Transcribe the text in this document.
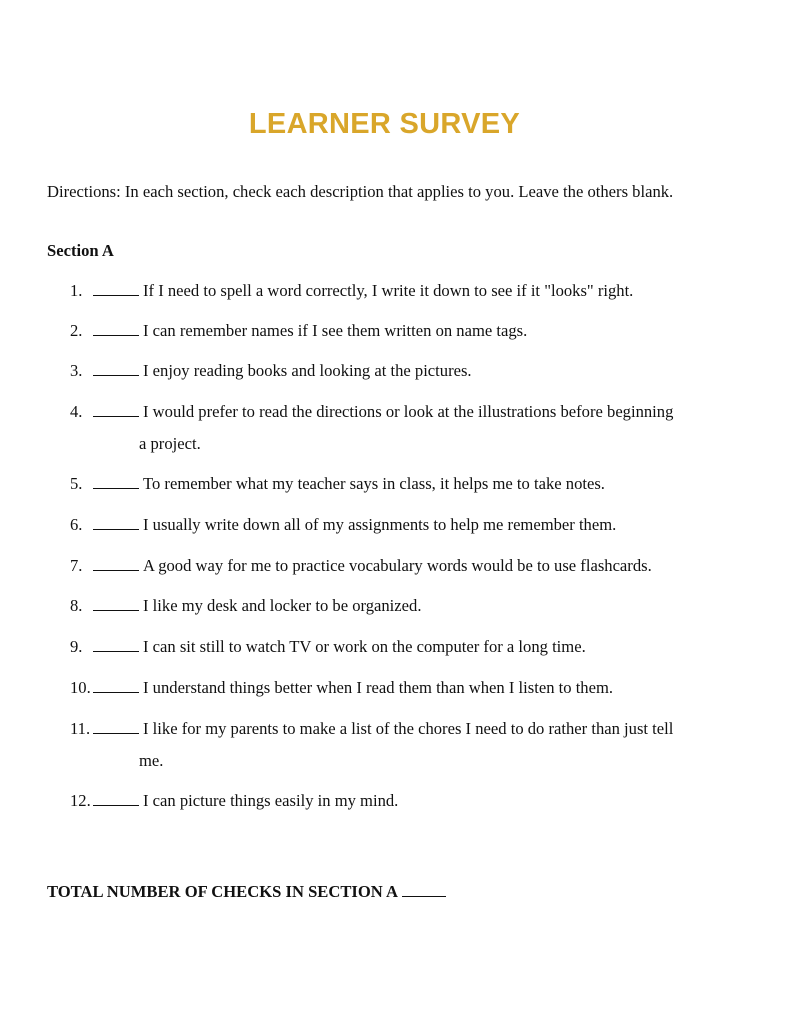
LEARNER SURVEY
Directions: In each section, check each description that applies to you. Leave the others blank.
Section A
1.	If I need to spell a word correctly, I write it down to see if it "looks" right.
2.	I can remember names if I see them written on name tags.
3.	I enjoy reading books and looking at the pictures.
4.	I would prefer to read the directions or look at the illustrations before beginning
a project.
5.	To remember what my teacher says in class, it helps me to take notes.
6.	I usually write down all of my assignments to help me remember them.
7.	A good way for me to practice vocabulary words would be to use flashcards.
8.	I like my desk and locker to be organized.
9.	I can sit still to watch TV or work on the computer for a long time.
10.	I understand things better when I read them than when I listen to them.
11.	I like for my parents to make a list of the chores I need to do rather than just tell
me.
12.	I can picture things easily in my mind.
TOTAL NUMBER OF CHECKS IN SECTION A
